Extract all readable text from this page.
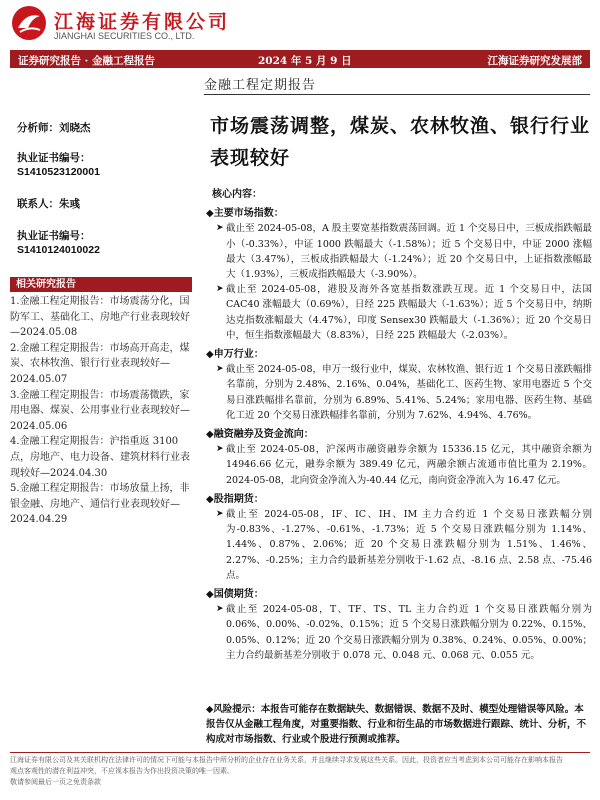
江海证券有限公司
JIANGHAI SECURITIES CO., LTD.
证券研究报告 · 金融工程报告	2024 年 5 月 9 日	江海证券研究发展部
金融工程定期报告
市场震荡调整，煤炭、农林牧渔、银行行业表现较好
分析师：刘晓杰
执业证书编号：
S1410523120001
联系人：朱彧
执业证书编号：
S1410124010022
相关研究报告
1.金融工程定期报告：市场震荡分化，国防军工、基础化工、房地产行业表现较好—2024.05.08
2.金融工程定期报告：市场高开高走，煤炭、农林牧渔、银行行业表现较好—2024.05.07
3.金融工程定期报告：市场震荡微跌，家用电器、煤炭、公用事业行业表现较好—2024.05.06
4.金融工程定期报告：沪指重返 3100 点，房地产、电力设备、建筑材料行业表现较好—2024.04.30
5.金融工程定期报告：市场放量上扬，非银金融、房地产、通信行业表现较好—2024.04.29
核心内容：
◆主要市场指数：
➤ 截止至 2024-05-08，A 股主要宽基指数震荡回调。近 1 个交易日中，三板成指跌幅最小（-0.33%），中证 1000 跌幅最大（-1.58%）；近 5 个交易日中，中证 2000 涨幅最大（3.47%），三板成指跌幅最大（-1.24%）；近 20 个交易日中，上证指数涨幅最大（1.93%），三板成指跌幅最大（-3.90%）。
➤ 截止至 2024-05-08，港股及海外各宽基指数涨跌互现。近 1 个交易日中，法国 CAC40 涨幅最大（0.69%），日经 225 跌幅最大（-1.63%）；近 5 个交易日中，纳斯达克指数涨幅最大（4.47%），印度 Sensex30 跌幅最大（-1.36%）；近 20 个交易日中，恒生指数涨幅最大（8.83%），日经 225 跌幅最大（-2.03%）。
◆申万行业：
➤ 截止至 2024-05-08，申万一级行业中，煤炭、农林牧渔、银行近 1 个交易日涨跌幅排名靠前，分别为 2.48%、2.16%、0.04%，基础化工、医药生物、家用电器近 5 个交易日涨跌幅排名靠前，分别为 6.89%、5.41%、5.24%；家用电器、医药生物、基础化工近 20 个交易日涨跌幅排名靠前，分别为 7.62%、4.94%、4.76%。
◆融资融券及资金流向：
➤ 截止至 2024-05-08，沪深两市融资融券余额为 15336.15 亿元，其中融资余额为 14946.66 亿元，融券余额为 389.49 亿元，两融余额占流通市值比重为 2.19%。2024-05-08，北向资金净流入为-40.44 亿元，南向资金净流入为 16.47 亿元。
◆股指期货：
➤ 截止至 2024-05-08，IF、IC、IH、IM 主力合约近 1 个交易日涨跌幅分别为-0.83%、-1.27%、-0.61%、-1.73%；近 5 个交易日涨跌幅分别为 1.14%、1.44%、0.87%、2.06%；近 20 个交易日涨跌幅分别为 1.51%、1.46%、2.27%、-0.25%；主力合约最新基差分别收于-1.62 点、-8.16 点、2.58 点、-75.46 点。
◆国债期货：
➤ 截止至 2024-05-08，T、TF、TS、TL 主力合约近 1 个交易日涨跌幅分别为 0.06%、0.00%、-0.02%、0.15%；近 5 个交易日涨跌幅分别为 0.22%、0.15%、0.05%、0.12%；近 20 个交易日涨跌幅分别为 0.38%、0.24%、0.05%、0.00%；主力合约最新基差分别收于 0.078 元、0.048 元、0.068 元、0.055 元。
◆风险提示：本报告可能存在数据缺失、数据错误、数据不及时、模型处理错误等风险。本报告仅从金融工程角度，对重要指数、行业和衍生品的市场数据进行跟踪、统计、分析，不构成对市场指数、行业或个股进行预测或推荐。
江海证券有限公司及其关联机构在法律许可的情况下可能与本报告中所分析的企业存在业务关系，并且继续寻求发展这些关系。因此，投资者应当考虑到本公司可能存在影响本报告
观点客观性的潜在利益冲突，不应视本报告为作出投资决策的唯一因素。
敬请参阅最后一页之免责条款
